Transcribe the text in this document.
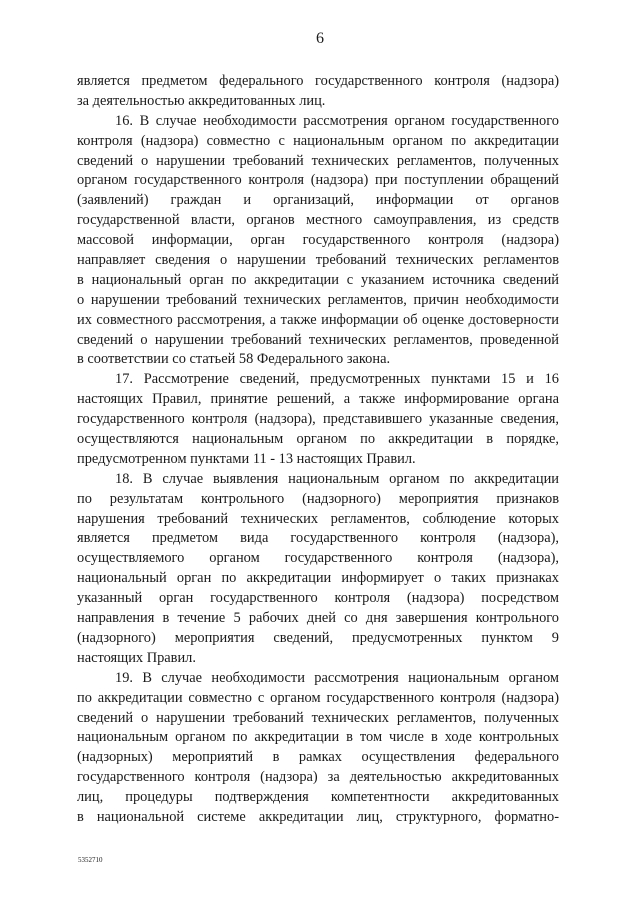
6
является предметом федерального государственного контроля (надзора)
за деятельностью аккредитованных лиц.
16. В случае необходимости рассмотрения органом государственного
контроля (надзора) совместно с национальным органом по аккредитации
сведений о нарушении требований технических регламентов, полученных
органом государственного контроля (надзора) при поступлении обращений
(заявлений) граждан и организаций, информации от органов
государственной власти, органов местного самоуправления, из средств
массовой информации, орган государственного контроля (надзора)
направляет сведения о нарушении требований технических регламентов
в национальный орган по аккредитации с указанием источника сведений
о нарушении требований технических регламентов, причин необходимости
их совместного рассмотрения, а также информации об оценке достоверности
сведений о нарушении требований технических регламентов, проведенной
в соответствии со статьей 58 Федерального закона.
17. Рассмотрение сведений, предусмотренных пунктами 15 и 16
настоящих Правил, принятие решений, а также информирование органа
государственного контроля (надзора), представившего указанные сведения,
осуществляются национальным органом по аккредитации в порядке,
предусмотренном пунктами 11 - 13 настоящих Правил.
18. В случае выявления национальным органом по аккредитации
по результатам контрольного (надзорного) мероприятия признаков
нарушения требований технических регламентов, соблюдение которых
является предметом вида государственного контроля (надзора),
осуществляемого органом государственного контроля (надзора),
национальный орган по аккредитации информирует о таких признаках
указанный орган государственного контроля (надзора) посредством
направления в течение 5 рабочих дней со дня завершения контрольного
(надзорного) мероприятия сведений, предусмотренных пунктом 9
настоящих Правил.
19. В случае необходимости рассмотрения национальным органом
по аккредитации совместно с органом государственного контроля (надзора)
сведений о нарушении требований технических регламентов, полученных
национальным органом по аккредитации в том числе в ходе контрольных
(надзорных) мероприятий в рамках осуществления федерального
государственного контроля (надзора) за деятельностью аккредитованных
лиц, процедуры подтверждения компетентности аккредитованных
в национальной системе аккредитации лиц, структурного, форматно-
5352710
